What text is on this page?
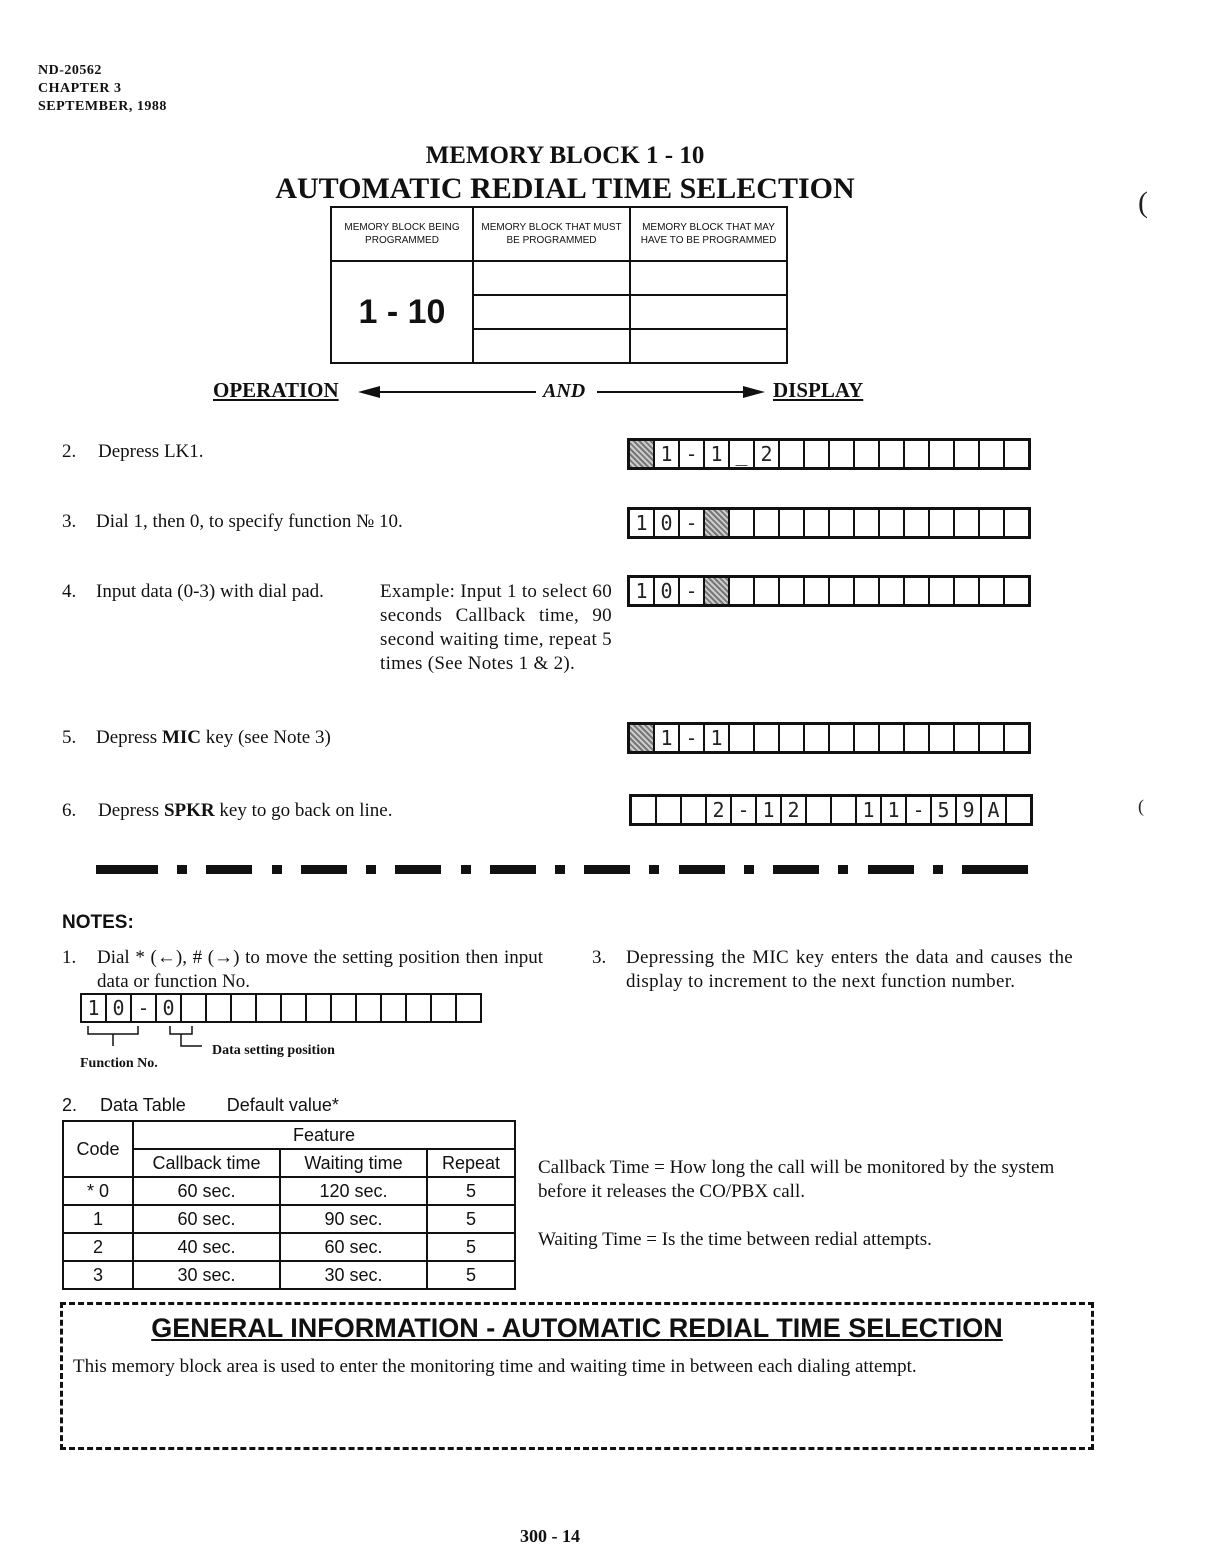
ND-20562
CHAPTER 3
SEPTEMBER, 1988
MEMORY BLOCK 1 - 10
AUTOMATIC REDIAL TIME SELECTION	(
(
MEMORY BLOCK BEING PROGRAMMED	MEMORY BLOCK THAT MUST BE PROGRAMMED	MEMORY BLOCK THAT MAY HAVE TO BE PROGRAMMED
1 - 10		

OPERATION	AND	DISPLAY
2. Depress LK1.	1 - 1 _ 2
3. Dial 1, then 0, to specify function № 10.	1 0 -
4. Input data (0-3) with dial pad.	Example: Input 1 to select 60 seconds Callback time, 90 second waiting time, repeat 5 times (See Notes 1 & 2).
1 0 -
5. Depress MIC key (see Note 3)	1 - 1
6. Depress SPKR key to go back on line.	2 - 1 2	1 1 - 5 9 A
NOTES:
1. Dial * (←), # (→) to move the setting position then input data or function No.
1 0 - 0
Function No.
Data setting position
3. Depressing the MIC key enters the data and causes the display to increment to the next function number.
2. Data Table Default value*
Code	Feature		
	Callback time	Waiting time	Repeat
* 0	60 sec.	120 sec.	5
1	60 sec.	90 sec.	5
2	40 sec.	60 sec.	5
3	30 sec.	30 sec.	5
Callback Time = How long the call will be monitored by the system before it releases the CO/PBX call.
Waiting Time = Is the time between redial attempts.
GENERAL INFORMATION - AUTOMATIC REDIAL TIME SELECTION
This memory block area is used to enter the monitoring time and waiting time in between each dialing attempt.
300 - 14
